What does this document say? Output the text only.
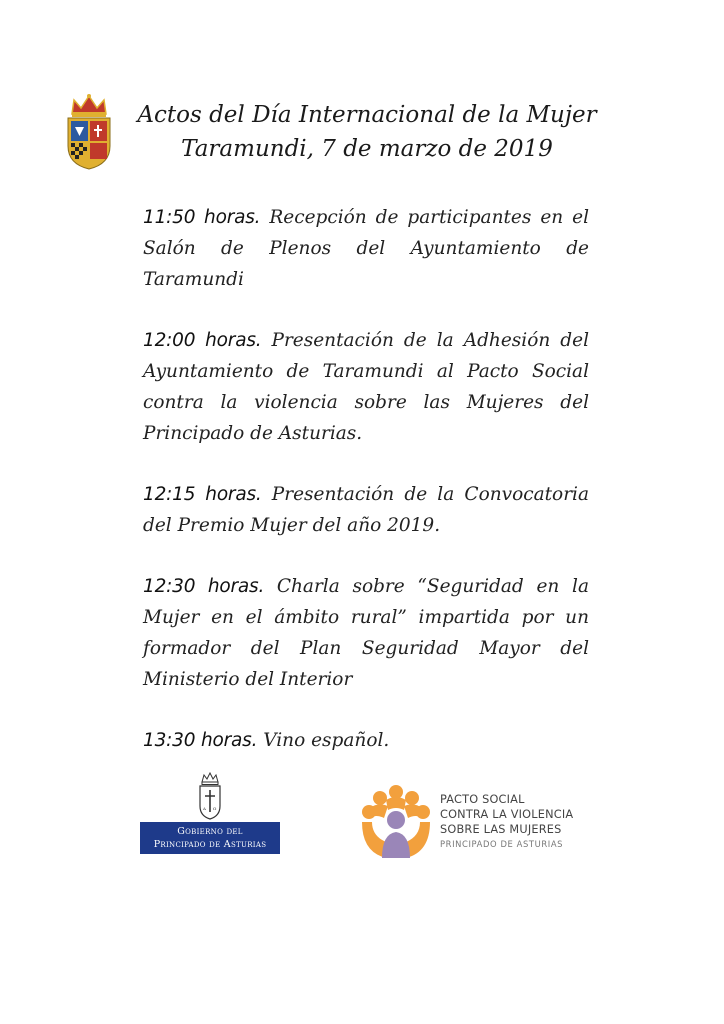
Actos del Día Internacional de la Mujer
Taramundi, 7 de marzo de 2019

11:50 horas. Recepción de participantes en el Salón de Plenos del Ayuntamiento de Taramundi

12:00 horas. Presentación de la Adhesión del Ayuntamiento de Taramundi al Pacto Social contra la violencia sobre las Mujeres del Principado de Asturias.

12:15 horas. Presentación de la Convocatoria del Premio Mujer del año 2019.

12:30 horas. Charla sobre “Seguridad en la Mujer en el ámbito rural” impartida por un formador del Plan Seguridad Mayor del Ministerio del Interior

13:30 horas. Vino español.

A Ω
Gobierno del
Principado de Asturias
PACTO SOCIAL
CONTRA LA VIOLENCIA
SOBRE LAS MUJERES
PRINCIPADO DE ASTURIAS
